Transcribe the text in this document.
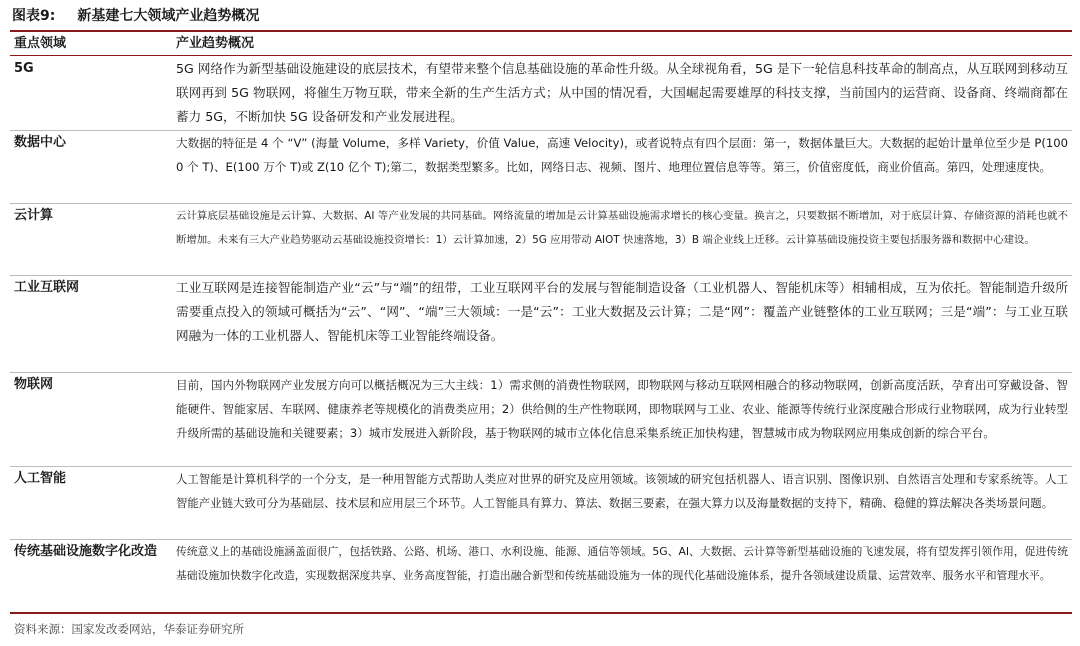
图表9: 新基建七大领域产业趋势概况
重点领域	产业趋势概况
5G	5G 网络作为新型基础设施建设的底层技术，有望带来整个信息基础设施的革命性升级。从全球视角看，5G 是下一轮信息科技革命的制高点，从互联网到移动互联网再到 5G 物联网，将催生万物互联，带来全新的生产生活方式；从中国的情况看，大国崛起需要雄厚的科技支撑，当前国内的运营商、设备商、终端商都在蓄力 5G，不断加快 5G 设备研发和产业发展进程。
数据中心	大数据的特征是 4 个 “V” (海量 Volume，多样 Variety，价值 Value，高速 Velocity)，或者说特点有四个层面：第一，数据体量巨大。大数据的起始计量单位至少是 P(1000 个 T)、E(100 万个 T)或 Z(10 亿个 T);第二，数据类型繁多。比如，网络日志、视频、图片、地理位置信息等等。第三，价值密度低，商业价值高。第四，处理速度快。
云计算	云计算底层基础设施是云计算、大数据、AI 等产业发展的共同基础。网络流量的增加是云计算基础设施需求增长的核心变量。换言之，只要数据不断增加，对于底层计算、存储资源的消耗也就不断增加。未来有三大产业趋势驱动云基础设施投资增长：1）云计算加速，2）5G 应用带动 AIOT 快速落地，3）B 端企业线上迁移。云计算基础设施投资主要包括服务器和数据中心建设。
工业互联网	工业互联网是连接智能制造产业“云”与“端”的纽带，工业互联网平台的发展与智能制造设备（工业机器人、智能机床等）相辅相成，互为依托。智能制造升级所需要重点投入的领域可概括为“云”、“网”、“端”三大领域：一是“云”：工业大数据及云计算；二是“网”：覆盖产业链整体的工业互联网；三是“端”：与工业互联网融为一体的工业机器人、智能机床等工业智能终端设备。
物联网	目前，国内外物联网产业发展方向可以概括概况为三大主线：1）需求侧的消费性物联网，即物联网与移动互联网相融合的移动物联网，创新高度活跃，孕育出可穿戴设备、智能硬件、智能家居、车联网、健康养老等规模化的消费类应用；2）供给侧的生产性物联网，即物联网与工业、农业、能源等传统行业深度融合形成行业物联网，成为行业转型升级所需的基础设施和关键要素；3）城市发展进入新阶段，基于物联网的城市立体化信息采集系统正加快构建，智慧城市成为物联网应用集成创新的综合平台。
人工智能	人工智能是计算机科学的一个分支，是一种用智能方式帮助人类应对世界的研究及应用领域。该领域的研究包括机器人、语言识别、图像识别、自然语言处理和专家系统等。人工智能产业链大致可分为基础层、技术层和应用层三个环节。人工智能具有算力、算法、数据三要素，在强大算力以及海量数据的支持下，精确、稳健的算法解决各类场景问题。
传统基础设施数字化改造	传统意义上的基础设施涵盖面很广，包括铁路、公路、机场、港口、水利设施、能源、通信等领域。5G、AI、大数据、云计算等新型基础设施的飞速发展，将有望发挥引领作用，促进传统基础设施加快数字化改造，实现数据深度共享、业务高度智能，打造出融合新型和传统基础设施为一体的现代化基础设施体系，提升各领域建设质量、运营效率、服务水平和管理水平。
资料来源：国家发改委网站，华泰证券研究所
